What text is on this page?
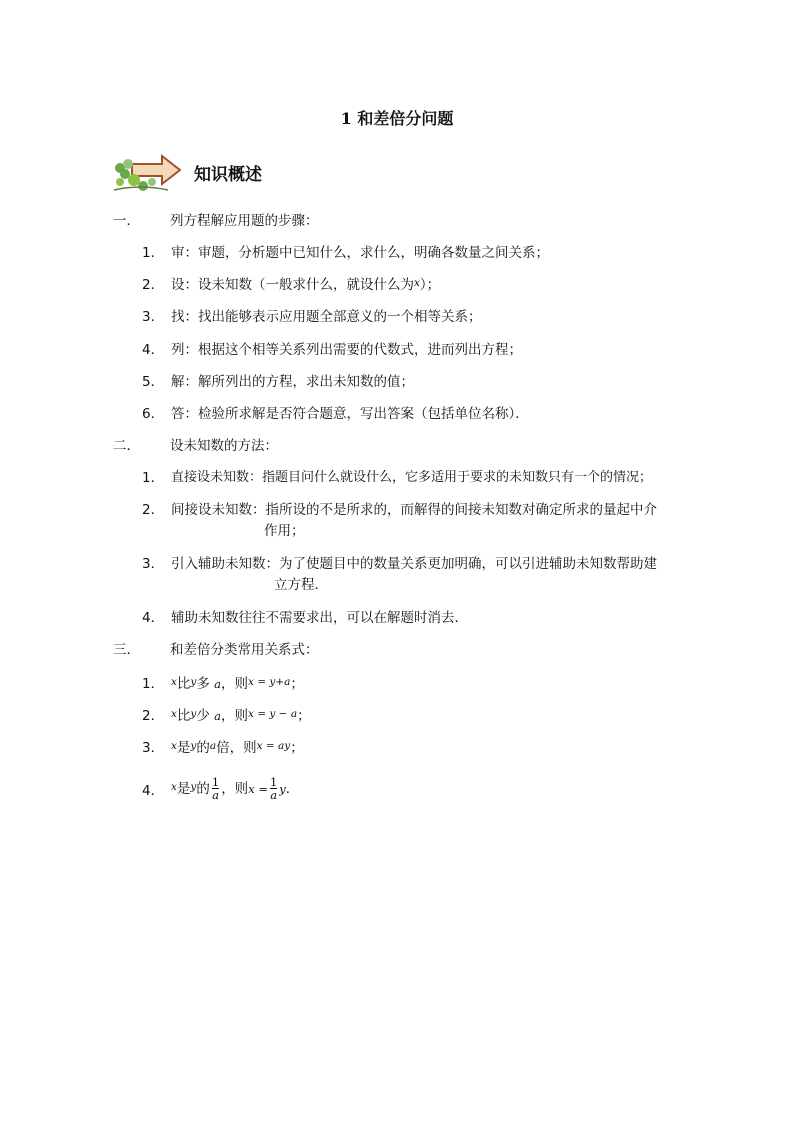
1 和差倍分问题
知识概述
一． 列方程解应用题的步骤：
1． 审：审题，分析题中已知什么，求什么，明确各数量之间关系；
2． 设：设未知数（一般求什么，就设什么为$^x$）；
3． 找：找出能够表示应用题全部意义的一个相等关系；
4． 列：根据这个相等关系列出需要的代数式，进而列出方程；
5． 解：解所列出的方程，求出未知数的值；
6． 答：检验所求解是否符合题意，写出答案（包括单位名称）．
二． 设未知数的方法：
1． 直接设未知数：指题目问什么就设什么，它多适用于要求的未知数只有一个的情况；
2． 间接设未知数：指所设的不是所求的，而解得的间接未知数对确定所求的量起中介
作用；
3． 引入辅助未知数：为了使题目中的数量关系更加明确，可以引进辅助未知数帮助建
立方程．
4． 辅助未知数往往不需要求出，可以在解题时消去．
三． 和差倍分类常用关系式：
1． $^x$比$^y$多 a，则$^{x = y+a}$；
2． $^x$比$^y$少 a，则$^{x = y - a}$；
3． $^x$是$^y$的$^a$倍，则$^{x = ay}$；
4． $^x$是$^y$的 $\frac{1}{a}$ ，则$x = \frac{1}{a}$ y．
